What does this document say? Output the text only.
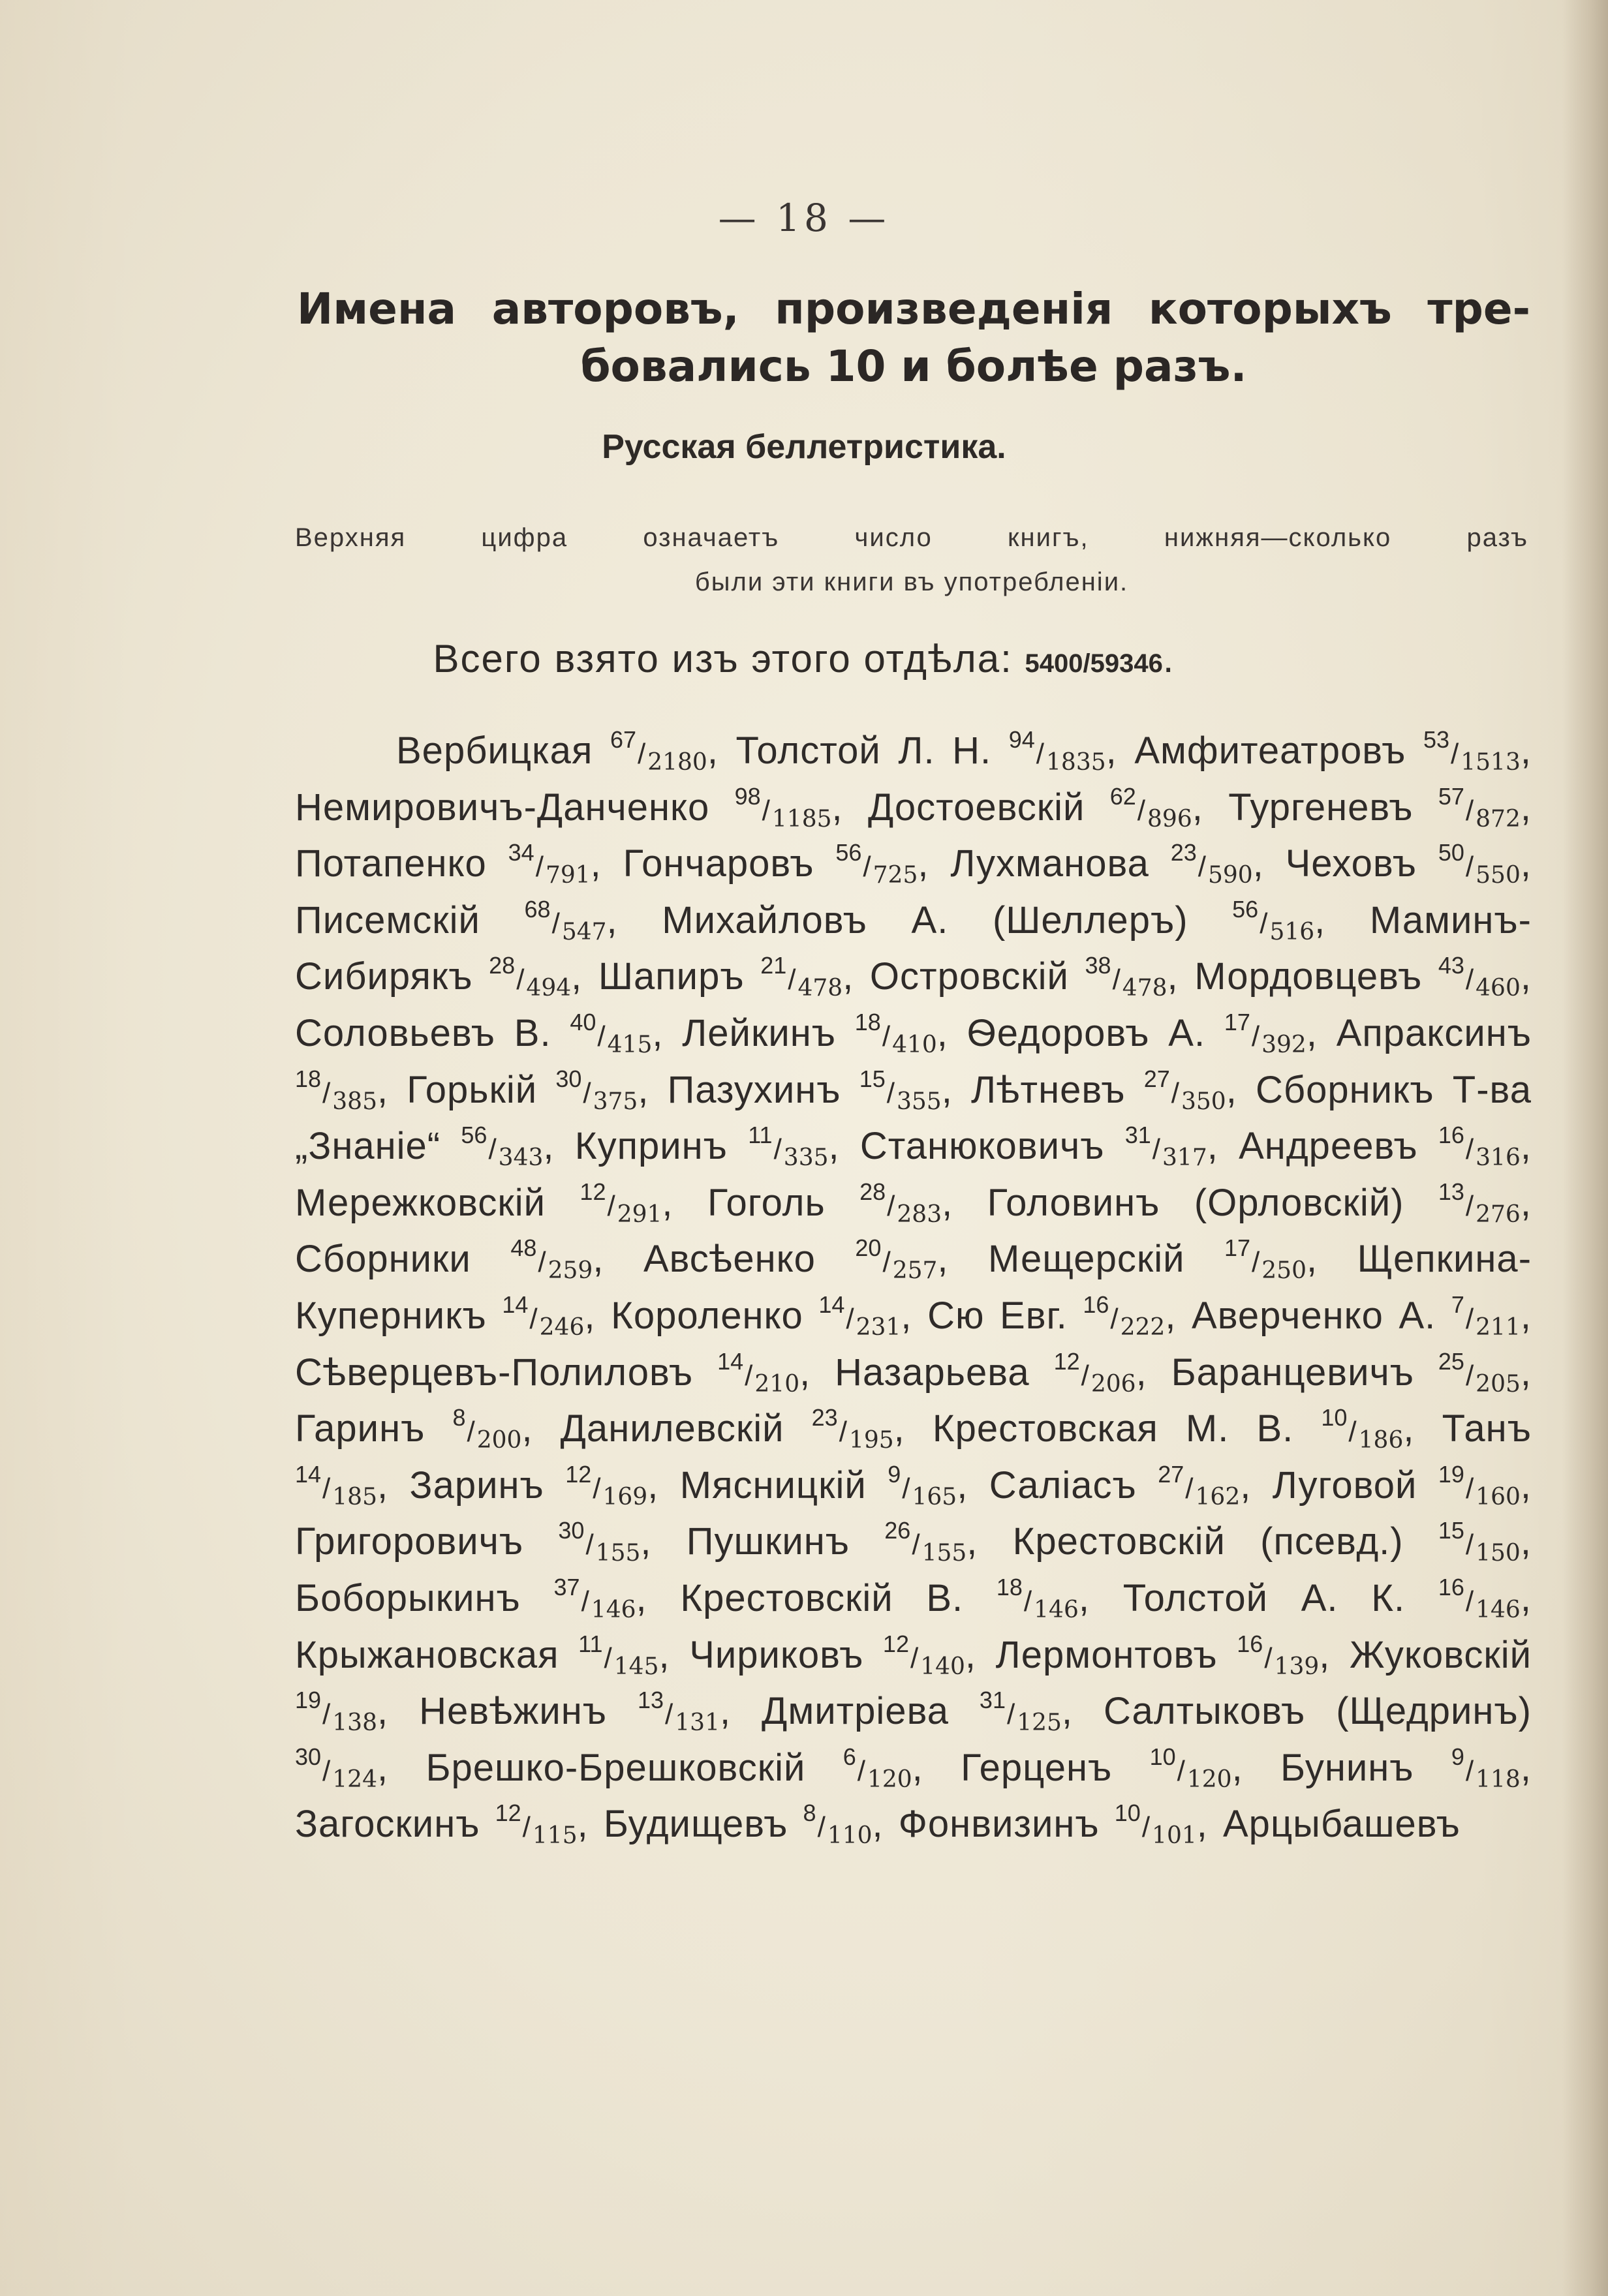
— 18 —
Имена авторовъ, произведенія которыхъ тре-
бовались 10 и болѣе разъ.
Русская беллетристика.
Верхняя цифра означаетъ число книгъ, нижняя—сколько разъ
были эти книги въ употребленіи.
Всего взято изъ этого отдѣла: 5400/59346.
Вербицкая $^{67}/_{2180}$, Толстой Л. Н. $^{94}/_{1835}$, Амфитеатровъ $^{53}/_{1513}$, Немировичъ-Данченко $^{98}/_{1185}$, Достоевскій $^{62}/_{896}$, Тургеневъ $^{57}/_{872}$, Потапенко $^{34}/_{791}$, Гончаровъ $^{56}/_{725}$, Лухманова $^{23}/_{590}$, Чеховъ $^{50}/_{550}$, Писемскій $^{68}/_{547}$, Михайловъ А. (Шеллеръ) $^{56}/_{516}$, Маминъ-Сибирякъ $^{28}/_{494}$, Шапиръ $^{21}/_{478}$, Островскій $^{38}/_{478}$, Мордовцевъ $^{43}/_{460}$, Соловьевъ В. $^{40}/_{415}$, Лейкинъ $^{18}/_{410}$, Ѳедоровъ А. $^{17}/_{392}$, Апраксинъ $^{18}/_{385}$, Горькій $^{30}/_{375}$, Пазухинъ $^{15}/_{355}$, Лѣтневъ $^{27}/_{350}$, Сборникъ Т-ва „Знаніе“ $^{56}/_{343}$, Купринъ $^{11}/_{335}$, Станюковичъ $^{31}/_{317}$, Андреевъ $^{16}/_{316}$, Мережковскій $^{12}/_{291}$, Гоголь $^{28}/_{283}$, Головинъ (Орловскій) $^{13}/_{276}$, Сборники $^{48}/_{259}$, Авсѣенко $^{20}/_{257}$, Мещерскій $^{17}/_{250}$, Щепкина-Куперникъ $^{14}/_{246}$, Короленко $^{14}/_{231}$, Сю Евг. $^{16}/_{222}$, Аверченко А. $^7/_{211}$, Сѣверцевъ-Полиловъ $^{14}/_{210}$, Назарьева $^{12}/_{206}$, Баранцевичъ $^{25}/_{205}$, Гаринъ $^8/_{200}$, Данилевскій $^{23}/_{195}$, Крестовская М. В. $^{10}/_{186}$, Танъ $^{14}/_{185}$, Заринъ $^{12}/_{169}$, Мясницкій $^9/_{165}$, Саліасъ $^{27}/_{162}$, Луговой $^{19}/_{160}$, Григоровичъ $^{30}/_{155}$, Пушкинъ $^{26}/_{155}$, Крестовскій (псевд.) $^{15}/_{150}$, Боборыкинъ $^{37}/_{146}$, Крестовскій В. $^{18}/_{146}$, Толстой А. К. $^{16}/_{146}$, Крыжановская $^{11}/_{145}$, Чириковъ $^{12}/_{140}$, Лермонтовъ $^{16}/_{139}$, Жуковскій $^{19}/_{138}$, Невѣжинъ $^{13}/_{131}$, Дмитріева $^{31}/_{125}$, Салтыковъ (Щедринъ) $^{30}/_{124}$, Брешко-Брешковскій $^6/_{120}$, Герценъ $^{10}/_{120}$, Бунинъ $^9/_{118}$, Загоскинъ $^{12}/_{115}$, Будищевъ $^8/_{110}$, Фонвизинъ $^{10}/_{101}$, Арцыбашевъ
